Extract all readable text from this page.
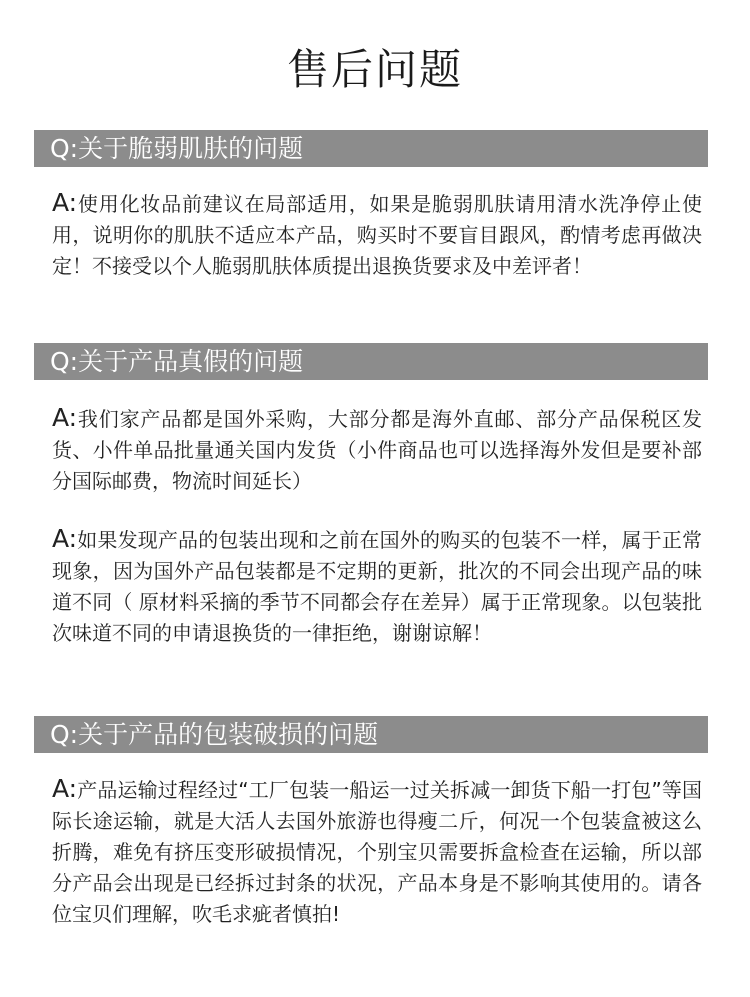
售后问题
Q:关于脆弱肌肤的问题

A:使用化妆品前建议在局部适用，如果是脆弱肌肤请用清水洗净停止使用，说明你的肌肤不适应本产品，购买时不要盲目跟风，酌情考虑再做决定！不接受以个人脆弱肌肤体质提出退换货要求及中差评者！

Q:关于产品真假的问题

A:我们家产品都是国外采购，大部分都是海外直邮、部分产品保税区发货、小件单品批量通关国内发货（小件商品也可以选择海外发但是要补部分国际邮费，物流时间延长）

A:如果发现产品的包装出现和之前在国外的购买的包装不一样，属于正常现象，因为国外产品包装都是不定期的更新，批次的不同会出现产品的味道不同（ 原材料采摘的季节不同都会存在差异）属于正常现象。以包装批次味道不同的申请退换货的一律拒绝，谢谢谅解！

Q:关于产品的包装破损的问题

A:产品运输过程经过“工厂包装一船运一过关拆减一卸货下船一打包”等国际长途运输，就是大活人去国外旅游也得瘦二斤，何况一个包装盒被这么折腾，难免有挤压变形破损情况，个别宝贝需要拆盒检查在运输，所以部分产品会出现是已经拆过封条的状况，产品本身是不影响其使用的。请各位宝贝们理解，吹毛求疵者慎拍!
